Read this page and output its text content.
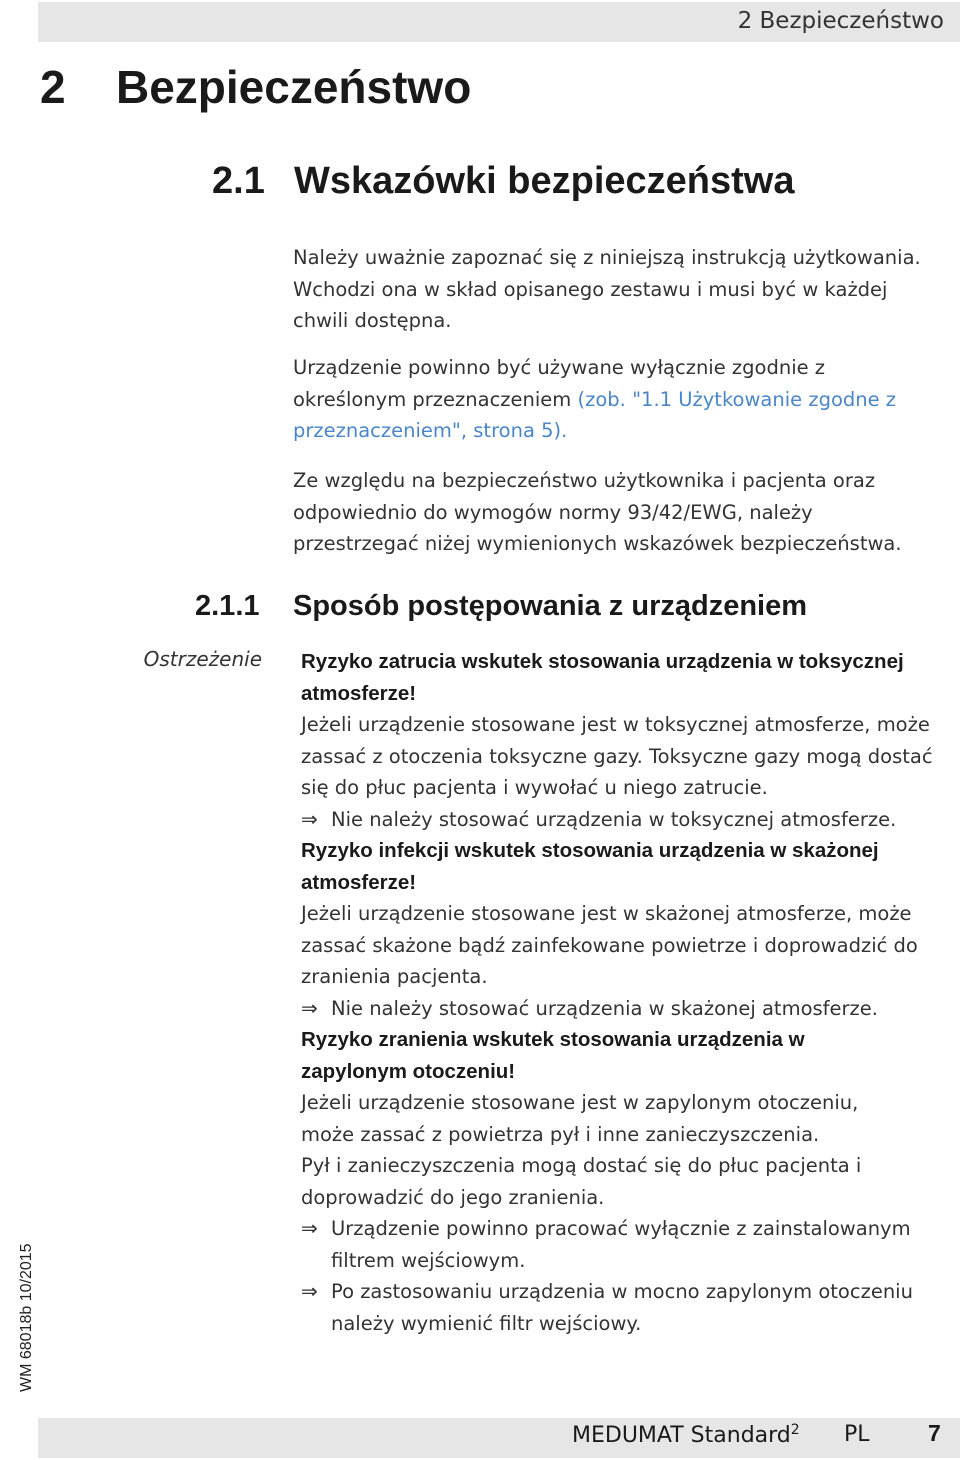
2 Bezpieczeństwo
2 Bezpieczeństwo
2.1 Wskazówki bezpieczeństwa

Należy uważnie zapoznać się z niniejszą instrukcją użytkowania. Wchodzi ona w skład opisanego zestawu i musi być w każdej chwili dostępna.

Urządzenie powinno być używane wyłącznie zgodnie z określonym przeznaczeniem (zob. "1.1 Użytkowanie zgodne z przeznaczeniem", strona 5).

Ze względu na bezpieczeństwo użytkownika i pacjenta oraz odpowiednio do wymogów normy 93/42/EWG, należy przestrzegać niżej wymienionych wskazówek bezpieczeństwa.

2.1.1 Sposób postępowania z urządzeniem
Ostrzeżenie Ryzyko zatrucia wskutek stosowania urządzenia w toksycznej atmosferze!

Jeżeli urządzenie stosowane jest w toksycznej atmosferze, może zassać z otoczenia toksyczne gazy. Toksyczne gazy mogą dostać się do płuc pacjenta i wywołać u niego zatrucie.

⇒ Nie należy stosować urządzenia w toksycznej atmosferze.

Ryzyko infekcji wskutek stosowania urządzenia w skażonej atmosferze!

Jeżeli urządzenie stosowane jest w skażonej atmosferze, może zassać skażone bądź zainfekowane powietrze i doprowadzić do zranienia pacjenta.

⇒ Nie należy stosować urządzenia w skażonej atmosferze.

Ryzyko zranienia wskutek stosowania urządzenia w zapylonym otoczeniu!

Jeżeli urządzenie stosowane jest w zapylonym otoczeniu, może zassać z powietrza pył i inne zanieczyszczenia.

Pył i zanieczyszczenia mogą dostać się do płuc pacjenta i doprowadzić do jego zranienia.

⇒ Urządzenie powinno pracować wyłącznie z zainstalowanym filtrem wejściowym.
⇒ Po zastosowaniu urządzenia w mocno zapylonym otoczeniu należy wymienić filtr wejściowy.
WM 68018b 10/2015
MEDUMAT Standard$^2$ PL	7
